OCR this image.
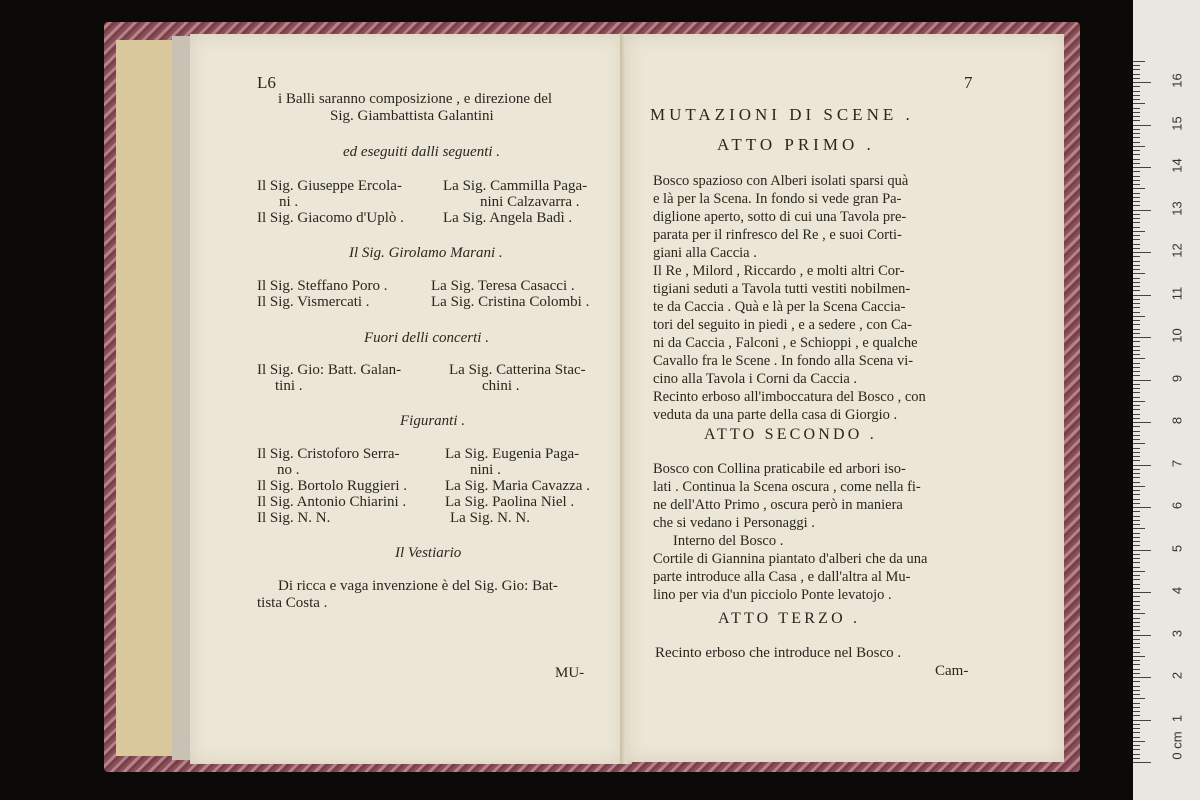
L6
i Balli saranno composizione , e direzione del
Sig. Giambattista Galantini
ed eseguiti dalli seguenti .
Il Sig. Giuseppe Ercola-	La Sig. Cammilla Paga-
ni .	nini Calzavarra .
Il Sig. Giacomo d'Uplò .	La Sig. Angela Badì .
Il Sig. Girolamo Marani .
Il Sig. Steffano Poro .	La Sig. Teresa Casacci .
Il Sig. Vismercati .	La Sig. Cristina Colombi .
Fuori delli concerti .
Il Sig. Gio: Batt. Galan-	La Sig. Catterina Stac-
tini .	chini .
Figuranti .
Il Sig. Cristoforo Serra-	La Sig. Eugenia Paga-
no .	nini .
Il Sig. Bortolo Ruggieri .	La Sig. Maria Cavazza .
Il Sig. Antonio Chiarini .	La Sig. Paolina Niel .
Il Sig. N. N.	La Sig. N. N.
Il Vestiario
Di ricca e vaga invenzione è del Sig. Gio: Bat-
tista Costa .
MU-
7
MUTAZIONI DI SCENE .
ATTO PRIMO .
Bosco spazioso con Alberi isolati sparsi quà
e là per la Scena. In fondo si vede gran Pa-
diglione aperto, sotto di cui una Tavola pre-
parata per il rinfresco del Re , e suoi Corti-
giani alla Caccia .
Il Re , Milord , Riccardo , e molti altri Cor-
tigiani seduti a Tavola tutti vestiti nobilmen-
te da Caccia . Quà e là per la Scena Caccia-
tori del seguito in piedi , e a sedere , con Ca-
ni da Caccia , Falconi , e Schioppi , e qualche
Cavallo fra le Scene . In fondo alla Scena vi-
cino alla Tavola i Corni da Caccia .
Recinto erboso all'imboccatura del Bosco , con
veduta da una parte della casa di Giorgio .
ATTO SECONDO .
Bosco con Collina praticabile ed arbori iso-
lati . Continua la Scena oscura , come nella fi-
ne dell'Atto Primo , oscura però in maniera
che si vedano i Personaggi .
Interno del Bosco .
Cortile di Giannina piantato d'alberi che da una
parte introduce alla Casa , e dall'altra al Mu-
lino per via d'un picciolo Ponte levatojo .
ATTO TERZO .
Recinto erboso che introduce nel Bosco .
Cam-
0 cm
1
2
3
4
5
6
7
8
9
10
11
12
13
14
15
16
